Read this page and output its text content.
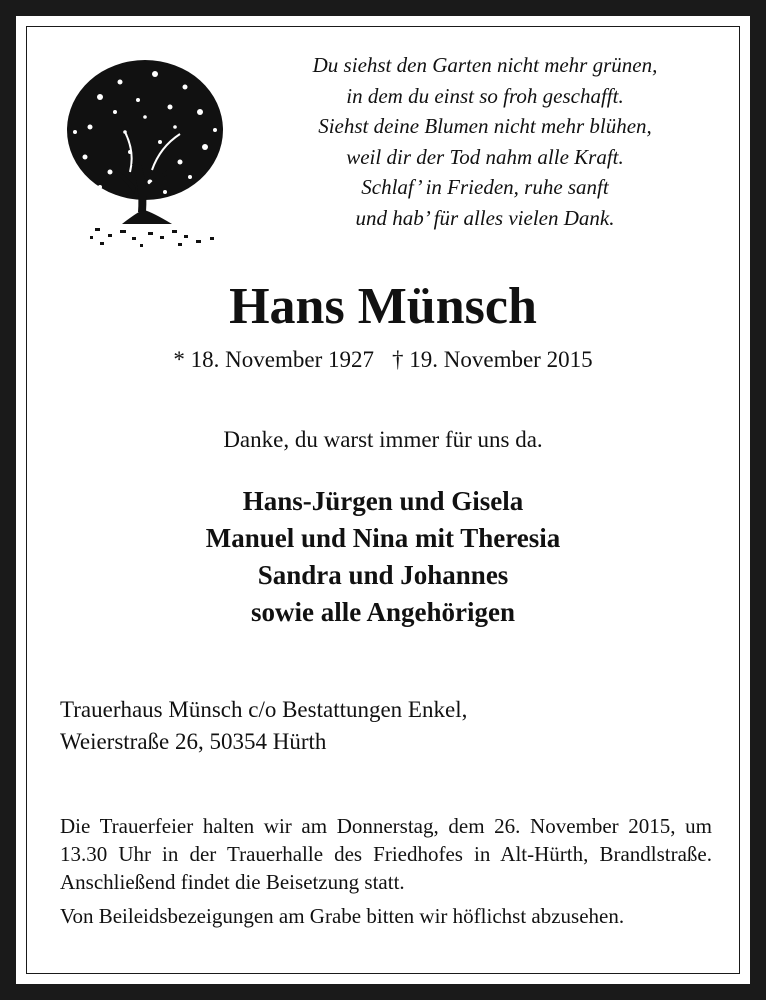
Du siehst den Garten nicht mehr grünen,
in dem du einst so froh geschafft.
Siehst deine Blumen nicht mehr blühen,
weil dir der Tod nahm alle Kraft.
Schlaf’ in Frieden, ruhe sanft
und hab’ für alles vielen Dank.
Hans Münsch
* 18. November 1927 † 19. November 2015
Danke, du warst immer für uns da.
Hans-Jürgen und Gisela
Manuel und Nina mit Theresia
Sandra und Johannes
sowie alle Angehörigen
Trauerhaus Münsch c/o Bestattungen Enkel,
Weierstraße 26, 50354 Hürth

Die Trauerfeier halten wir am Donnerstag, dem 26. November 2015, um 13.30 Uhr in der Trauerhalle des Friedhofes in Alt-Hürth, Brandlstraße. Anschließend findet die Beisetzung statt.

Von Beileidsbezeigungen am Grabe bitten wir höflichst abzusehen.
